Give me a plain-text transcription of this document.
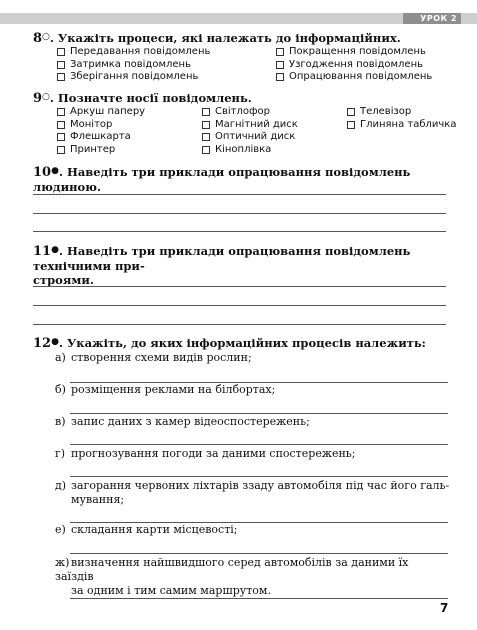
УРОК 2
8○. Укажіть процеси, які належать до інформаційних.
Передавання повідомлень
Затримка повідомлень
Зберігання повідомлень
Покращення повідомлень
Узгодження повідомлень
Опрацювання повідомлень
9○. Позначте носії повідомлень.
Аркуш паперу
Монітор
Флешкарта
Принтер
Світлофор
Магнітний диск
Оптичний диск
Кіноплівка
Телевізор
Глиняна табличка
10●. Наведіть три приклади опрацювання повідомлень людиною.
11●. Наведіть три приклади опрацювання повідомлень технічними при-
строями.
12●. Укажіть, до яких інформаційних процесів належить:
а) створення схеми видів рослин;
б) розміщення реклами на білбортах;
в) запис даних з камер відеоспостережень;
г) прогнозування погоди за даними спостережень;
д) загорання червоних ліхтарів ззаду автомобіля під час його галь-
мування;
е) складання карти місцевості;
ж) визначення найшвидшого серед автомобілів за даними їх заїздів
за одним і тим самим маршрутом.
7
